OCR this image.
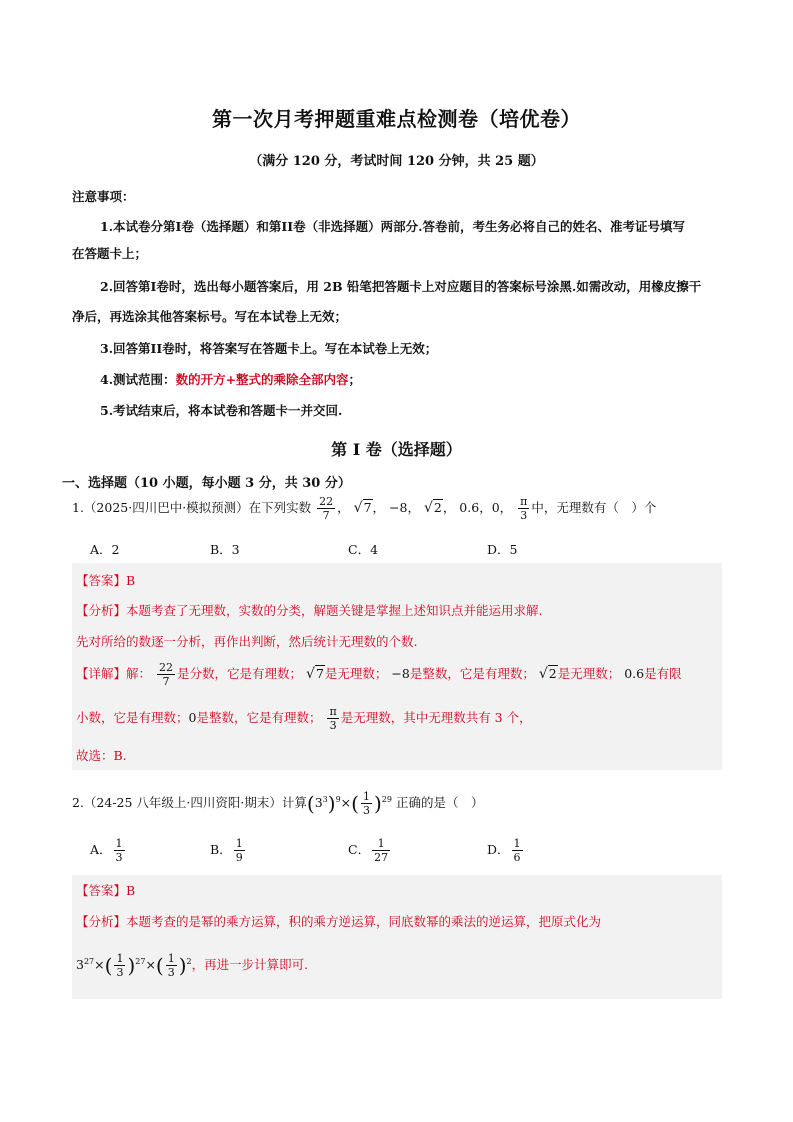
第一次月考押题重难点检测卷（培优卷）
（满分 120 分，考试时间 120 分钟，共 25 题）
注意事项：
1.本试卷分第I卷（选择题）和第II卷（非选择题）两部分.答卷前，考生务必将自己的姓名、准考证号填写
在答题卡上；
2.回答第I卷时，选出每小题答案后，用 2B 铅笔把答题卡上对应题目的答案标号涂黑.如需改动，用橡皮擦干
净后，再选涂其他答案标号。写在本试卷上无效；
3.回答第II卷时，将答案写在答题卡上。写在本试卷上无效；
4.测试范围：数的开方+整式的乘除全部内容；
5.考试结束后，将本试卷和答题卡一并交回.
第 I 卷（选择题）
一、选择题（10 小题，每小题 3 分，共 30 分）
1.（2025·四川巴中·模拟预测）在下列实数 $\frac{22}{7}$ ， √7， −8， √2， 0.6，0， $\frac{\pi}{3}$ 中，无理数有（　）个
A．2	B．3	C．4	D．5
【答案】B
【分析】本题考查了无理数，实数的分类，解题关键是掌握上述知识点并能运用求解.
先对所给的数逐一分析，再作出判断，然后统计无理数的个数.
【详解】解： $\frac{22}{7}$ 是分数，它是有理数； √7是无理数； −8是整数，它是有理数； √2是无理数； 0.6是有限
小数，它是有理数；0是整数，它是有理数； $\frac{\pi}{3}$ 是无理数，其中无理数共有 3 个，
故选：B.
2.（24-25 八年级上·四川资阳·期末）计算$(3^3)^9\times( \frac{1}{3} )^{29}$ 正确的是（　）
A． $\frac{1}{3}$	B． $\frac{1}{9}$	C． $\frac{1}{27}$	D． $\frac{1}{6}$
【答案】B
【分析】本题考查的是幂的乘方运算，积的乘方逆运算，同底数幂的乘法的逆运算，把原式化为
$3^{27}\times( \frac{1}{3} )^{27}\times( \frac{1}{3} )^2$，再进一步计算即可.
